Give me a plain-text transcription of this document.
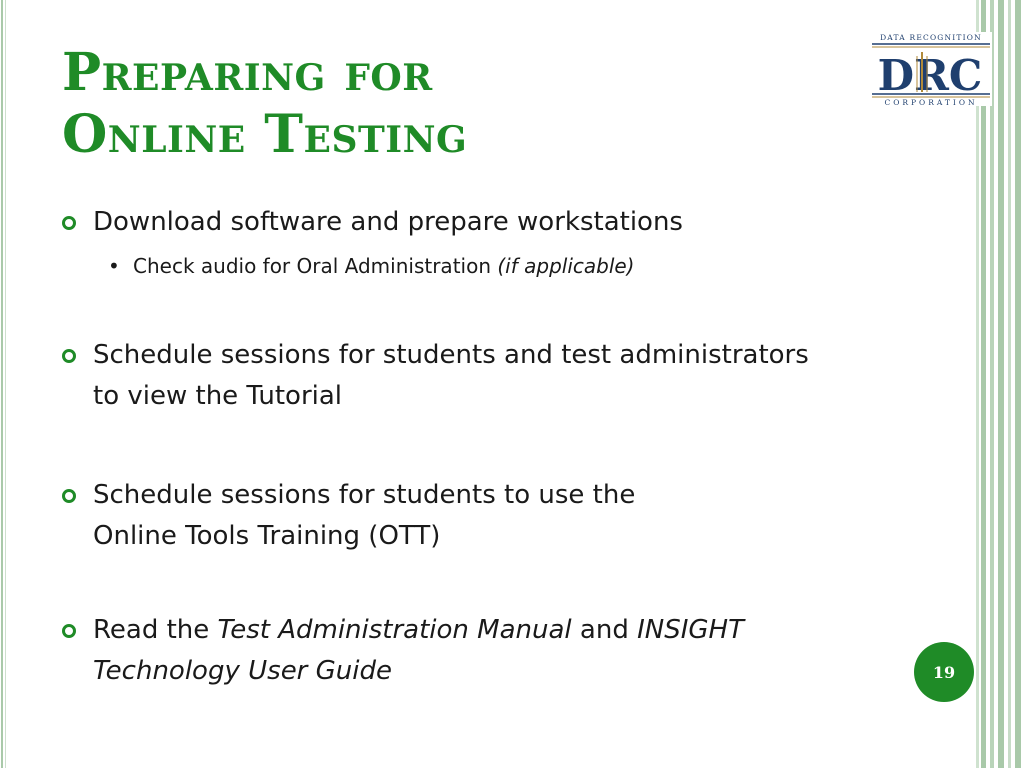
Preparing for
Online Testing
DATA RECOGNITION
DRC
CORPORATION
Download software and prepare workstations
• Check audio for Oral Administration (if applicable)
Schedule sessions for students and test administrators
to view the Tutorial
Schedule sessions for students to use the
Online Tools Training (OTT)
Read the Test Administration Manual and INSIGHT
Technology User Guide	19
